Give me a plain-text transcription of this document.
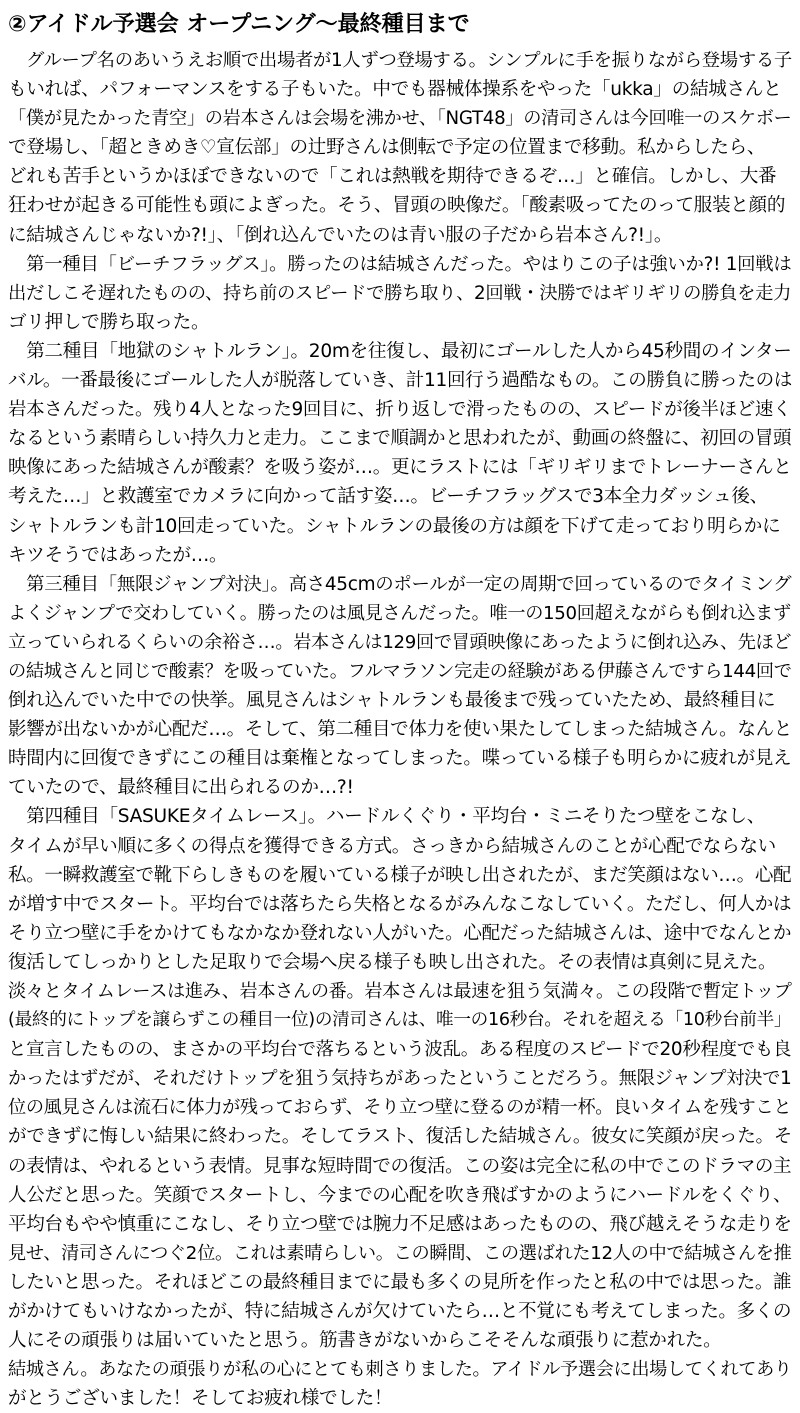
②アイドル予選会 オープニング〜最終種目まで
　グループ名のあいうえお順で出場者が1人ずつ登場する。シンプルに手を振りながら登場する子
もいれば、パフォーマンスをする子もいた。中でも器械体操系をやった「ukka」の結城さんと
「僕が見たかった青空」の岩本さんは会場を沸かせ、「NGT48」の清司さんは今回唯一のスケボー
で登場し、「超ときめき♡宣伝部」の辻野さんは側転で予定の位置まで移動。私からしたら、
どれも苦手というかほぼできないので「これは熱戦を期待できるぞ…」と確信。しかし、大番
狂わせが起きる可能性も頭によぎった。そう、冒頭の映像だ。「酸素吸ってたのって服装と顔的
に結城さんじゃないか?!」、「倒れ込んでいたのは青い服の子だから岩本さん?!」。
　第一種目「ビーチフラッグス」。勝ったのは結城さんだった。やはりこの子は強いか?! 1回戦は
出だしこそ遅れたものの、持ち前のスピードで勝ち取り、2回戦・決勝ではギリギリの勝負を走力
ゴリ押しで勝ち取った。
　第二種目「地獄のシャトルラン」。20mを往復し、最初にゴールした人から45秒間のインター
バル。一番最後にゴールした人が脱落していき、計11回行う過酷なもの。この勝負に勝ったのは
岩本さんだった。残り4人となった9回目に、折り返しで滑ったものの、スピードが後半ほど速く
なるという素晴らしい持久力と走力。ここまで順調かと思われたが、動画の終盤に、初回の冒頭
映像にあった結城さんが酸素？を吸う姿が…。更にラストには「ギリギリまでトレーナーさんと
考えた…」と救護室でカメラに向かって話す姿…。ビーチフラッグスで3本全力ダッシュ後、
シャトルランも計10回走っていた。シャトルランの最後の方は顔を下げて走っており明らかに
キツそうではあったが…。
　第三種目「無限ジャンプ対決」。高さ45cmのポールが一定の周期で回っているのでタイミング
よくジャンプで交わしていく。勝ったのは風見さんだった。唯一の150回超えながらも倒れ込まず
立っていられるくらいの余裕さ…。岩本さんは129回で冒頭映像にあったように倒れ込み、先ほど
の結城さんと同じで酸素？を吸っていた。フルマラソン完走の経験がある伊藤さんですら144回で
倒れ込んでいた中での快挙。風見さんはシャトルランも最後まで残っていたため、最終種目に
影響が出ないかが心配だ…。そして、第二種目で体力を使い果たしてしまった結城さん。なんと
時間内に回復できずにこの種目は棄権となってしまった。喋っている様子も明らかに疲れが見え
ていたので、最終種目に出られるのか…?!
　第四種目「SASUKEタイムレース」。ハードルくぐり・平均台・ミニそりたつ壁をこなし、
タイムが早い順に多くの得点を獲得できる方式。さっきから結城さんのことが心配でならない
私。一瞬救護室で靴下らしきものを履いている様子が映し出されたが、まだ笑顔はない…。心配
が増す中でスタート。平均台では落ちたら失格となるがみんなこなしていく。ただし、何人かは
そり立つ壁に手をかけてもなかなか登れない人がいた。心配だった結城さんは、途中でなんとか
復活してしっかりとした足取りで会場へ戻る様子も映し出された。その表情は真剣に見えた。
淡々とタイムレースは進み、岩本さんの番。岩本さんは最速を狙う気満々。この段階で暫定トップ
(最終的にトップを譲らずこの種目一位)の清司さんは、唯一の16秒台。それを超える「10秒台前半」
と宣言したものの、まさかの平均台で落ちるという波乱。ある程度のスピードで20秒程度でも良
かったはずだが、それだけトップを狙う気持ちがあったということだろう。無限ジャンプ対決で1
位の風見さんは流石に体力が残っておらず、そり立つ壁に登るのが精一杯。良いタイムを残すこと
ができずに悔しい結果に終わった。そしてラスト、復活した結城さん。彼女に笑顔が戻った。そ
の表情は、やれるという表情。見事な短時間での復活。この姿は完全に私の中でこのドラマの主
人公だと思った。笑顔でスタートし、今までの心配を吹き飛ばすかのようにハードルをくぐり、
平均台もやや慎重にこなし、そり立つ壁では腕力不足感はあったものの、飛び越えそうな走りを
見せ、清司さんにつぐ2位。これは素晴らしい。この瞬間、この選ばれた12人の中で結城さんを推
したいと思った。それほどこの最終種目までに最も多くの見所を作ったと私の中では思った。誰
がかけてもいけなかったが、特に結城さんが欠けていたら…と不覚にも考えてしまった。多くの
人にその頑張りは届いていたと思う。筋書きがないからこそそんな頑張りに惹かれた。
結城さん。あなたの頑張りが私の心にとても刺さりました。アイドル予選会に出場してくれてあり
がとうございました！そしてお疲れ様でした！
